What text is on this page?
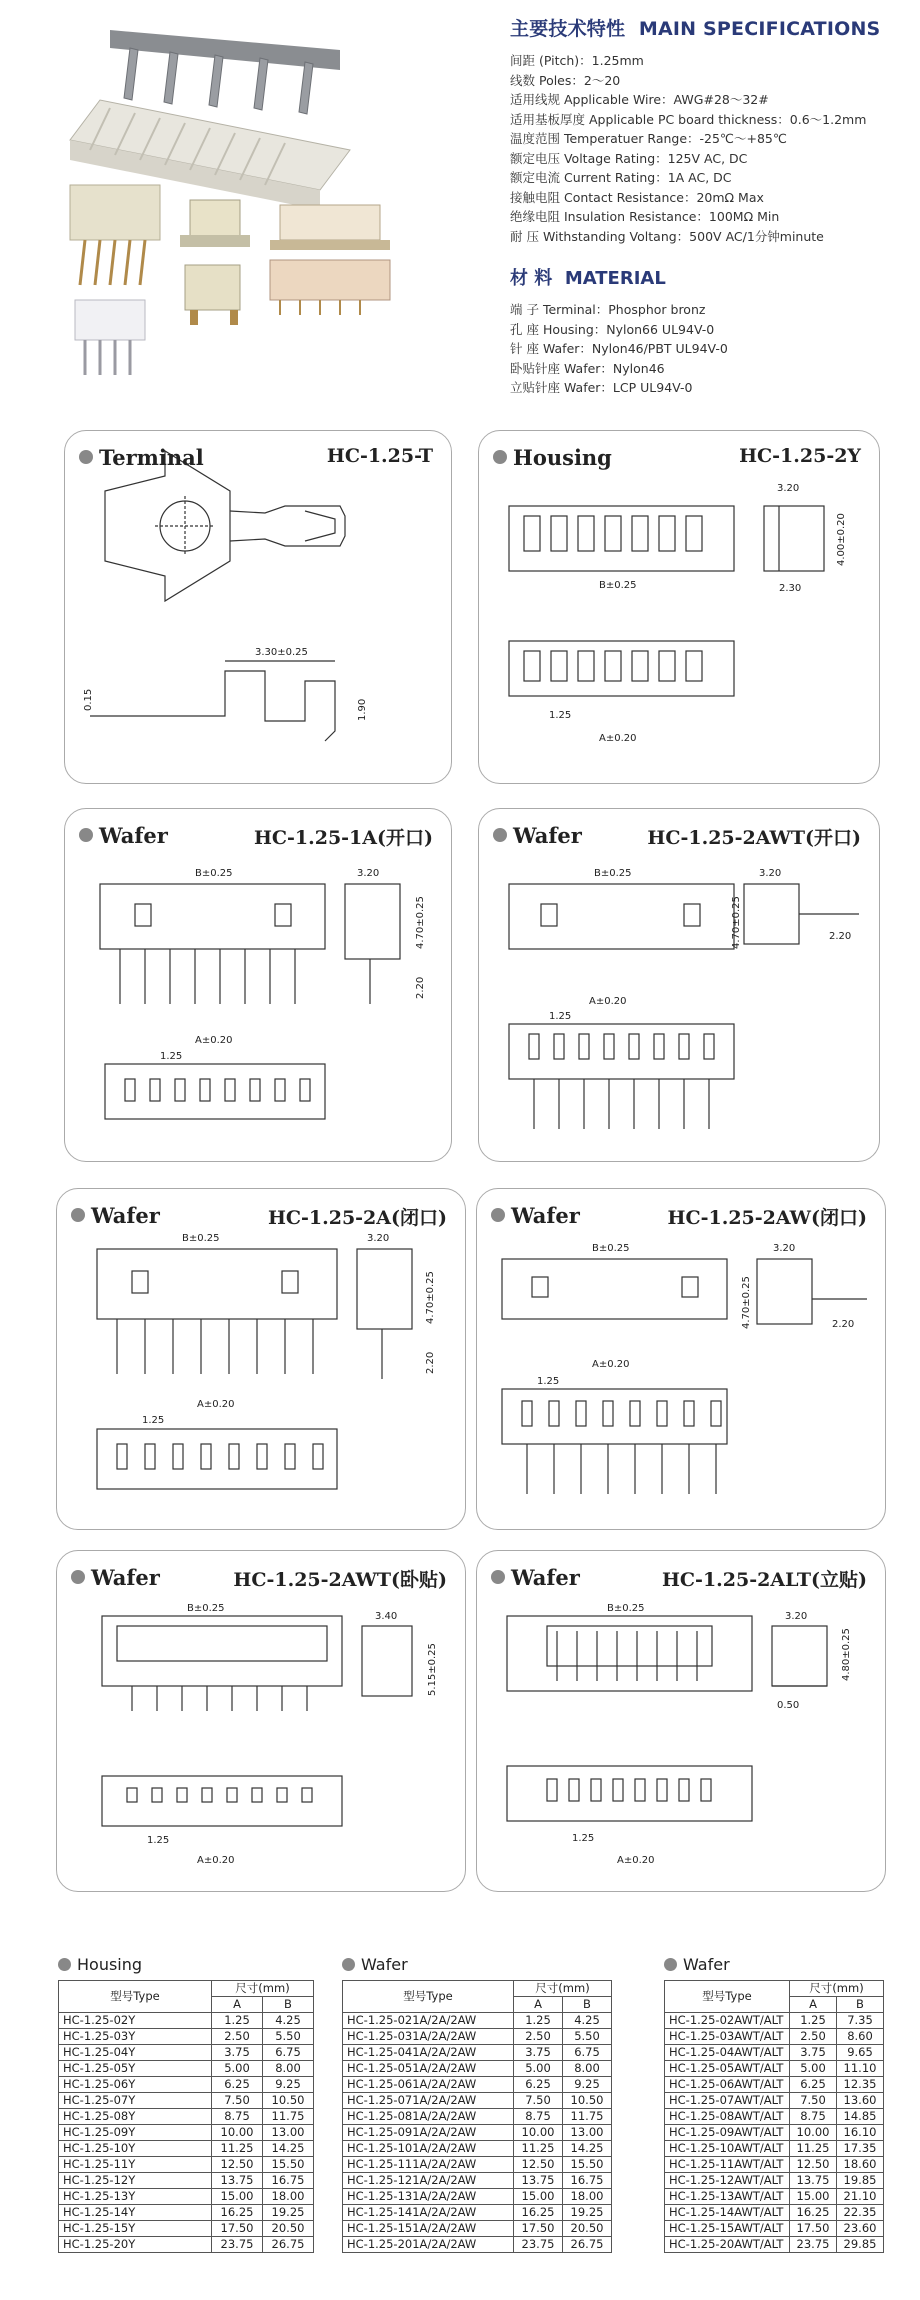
主要技术特性 MAIN SPECIFICATIONS
间距 (Pitch)：1.25mm
线数 Poles：2～20
适用线规 Applicable Wire：AWG#28～32#
适用基板厚度 Applicable PC board thickness：0.6～1.2mm
温度范围 Temperatuer Range：-25℃～+85℃
额定电压 Voltage Rating：125V AC, DC
额定电流 Current Rating：1A AC, DC
接触电阻 Contact Resistance：20mΩ Max
绝缘电阻 Insulation Resistance：100MΩ Min
耐 压 Withstanding Voltang：500V AC/1分钟minute
材 料 MATERIAL
端 子 Terminal：Phosphor bronz
孔 座 Housing：Nylon66 UL94V-0
针 座 Wafer：Nylon46/PBT UL94V-0
卧贴针座 Wafer：Nylon46
立贴针座 Wafer：LCP UL94V-0
3.30±0.25
0.15	1.90
Terminal	HC-1.25-T
3.20
4.00±0.20
2.30
B±0.25
1.25
A±0.20
Housing	HC-1.25-2Y
B±0.25	3.20
4.70±0.25
2.20
A±0.20
1.25
Wafer	HC-1.25-1A(开口)
B±0.25	3.20
4.70±0.25	2.20
A±0.20
1.25
Wafer	HC-1.25-2AWT(开口)
B±0.25	3.20
4.70±0.25
2.20
A±0.20
1.25
Wafer	HC-1.25-2A(闭口)
B±0.25	3.20
4.70±0.25	2.20
A±0.20
1.25
Wafer	HC-1.25-2AW(闭口)
B±0.25
3.40
5.15±0.25
1.25
A±0.20
Wafer	HC-1.25-2AWT(卧贴)
B±0.25
3.20
4.80±0.25
0.50
1.25
A±0.20
Wafer	HC-1.25-2ALT(立贴)
Housing
型号Type	尺寸(mm)	
	A	B
HC-1.25-02Y	1.25	4.25
HC-1.25-03Y	2.50	5.50
HC-1.25-04Y	3.75	6.75
HC-1.25-05Y	5.00	8.00
HC-1.25-06Y	6.25	9.25
HC-1.25-07Y	7.50	10.50
HC-1.25-08Y	8.75	11.75
HC-1.25-09Y	10.00	13.00
HC-1.25-10Y	11.25	14.25
HC-1.25-11Y	12.50	15.50
HC-1.25-12Y	13.75	16.75
HC-1.25-13Y	15.00	18.00
HC-1.25-14Y	16.25	19.25
HC-1.25-15Y	17.50	20.50
HC-1.25-20Y	23.75	26.75
Wafer
型号Type	尺寸(mm)	
	A	B
HC-1.25-021A/2A/2AW	1.25	4.25
HC-1.25-031A/2A/2AW	2.50	5.50
HC-1.25-041A/2A/2AW	3.75	6.75
HC-1.25-051A/2A/2AW	5.00	8.00
HC-1.25-061A/2A/2AW	6.25	9.25
HC-1.25-071A/2A/2AW	7.50	10.50
HC-1.25-081A/2A/2AW	8.75	11.75
HC-1.25-091A/2A/2AW	10.00	13.00
HC-1.25-101A/2A/2AW	11.25	14.25
HC-1.25-111A/2A/2AW	12.50	15.50
HC-1.25-121A/2A/2AW	13.75	16.75
HC-1.25-131A/2A/2AW	15.00	18.00
HC-1.25-141A/2A/2AW	16.25	19.25
HC-1.25-151A/2A/2AW	17.50	20.50
HC-1.25-201A/2A/2AW	23.75	26.75
Wafer
型号Type	尺寸(mm)	
	A	B
HC-1.25-02AWT/ALT	1.25	7.35
HC-1.25-03AWT/ALT	2.50	8.60
HC-1.25-04AWT/ALT	3.75	9.65
HC-1.25-05AWT/ALT	5.00	11.10
HC-1.25-06AWT/ALT	6.25	12.35
HC-1.25-07AWT/ALT	7.50	13.60
HC-1.25-08AWT/ALT	8.75	14.85
HC-1.25-09AWT/ALT	10.00	16.10
HC-1.25-10AWT/ALT	11.25	17.35
HC-1.25-11AWT/ALT	12.50	18.60
HC-1.25-12AWT/ALT	13.75	19.85
HC-1.25-13AWT/ALT	15.00	21.10
HC-1.25-14AWT/ALT	16.25	22.35
HC-1.25-15AWT/ALT	17.50	23.60
HC-1.25-20AWT/ALT	23.75	29.85
